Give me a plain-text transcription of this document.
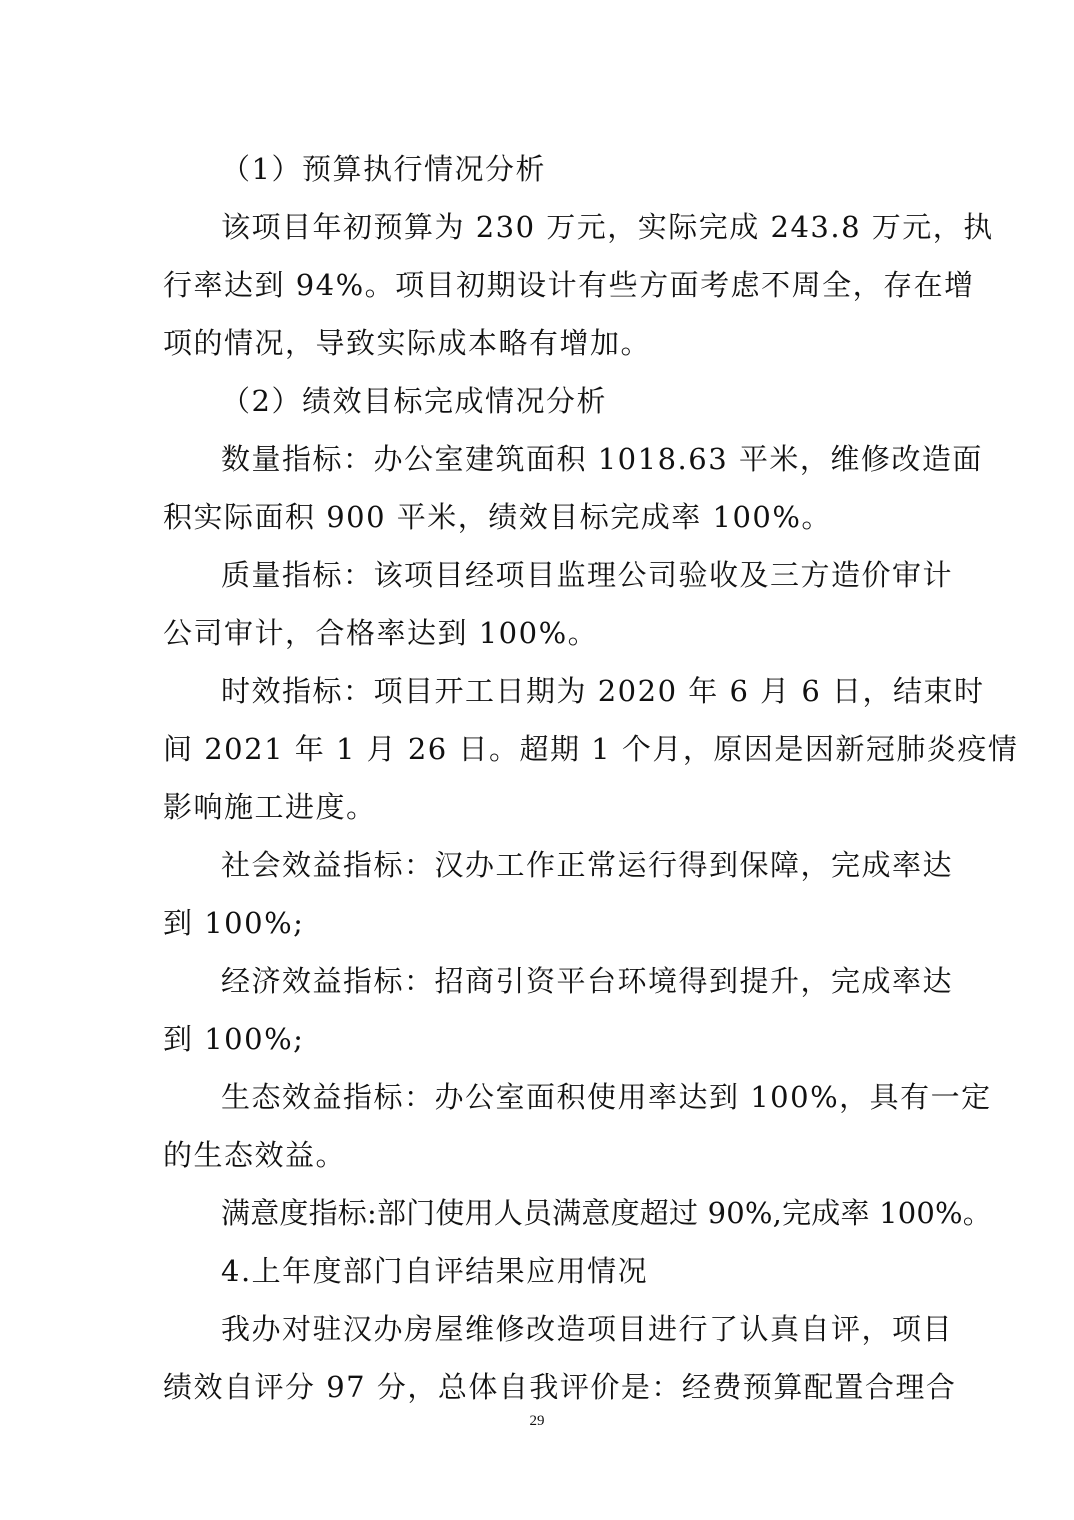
（1）预算执行情况分析
该项目年初预算为 230 万元，实际完成 243.8 万元，执
行率达到 94%。项目初期设计有些方面考虑不周全，存在增
项的情况，导致实际成本略有增加。
（2）绩效目标完成情况分析
数量指标：办公室建筑面积 1018.63 平米，维修改造面
积实际面积 900 平米，绩效目标完成率 100%。
质量指标：该项目经项目监理公司验收及三方造价审计
公司审计，合格率达到 100%。
时效指标：项目开工日期为 2020 年 6 月 6 日，结束时
间 2021 年 1 月 26 日。超期 1 个月，原因是因新冠肺炎疫情
影响施工进度。
社会效益指标：汉办工作正常运行得到保障，完成率达
到 100%;
经济效益指标：招商引资平台环境得到提升，完成率达
到 100%;
生态效益指标：办公室面积使用率达到 100%，具有一定
的生态效益。
满意度指标:部门使用人员满意度超过 90%,完成率 100%。
4.上年度部门自评结果应用情况
我办对驻汉办房屋维修改造项目进行了认真自评，项目
绩效自评分 97 分，总体自我评价是：经费预算配置合理合
29
